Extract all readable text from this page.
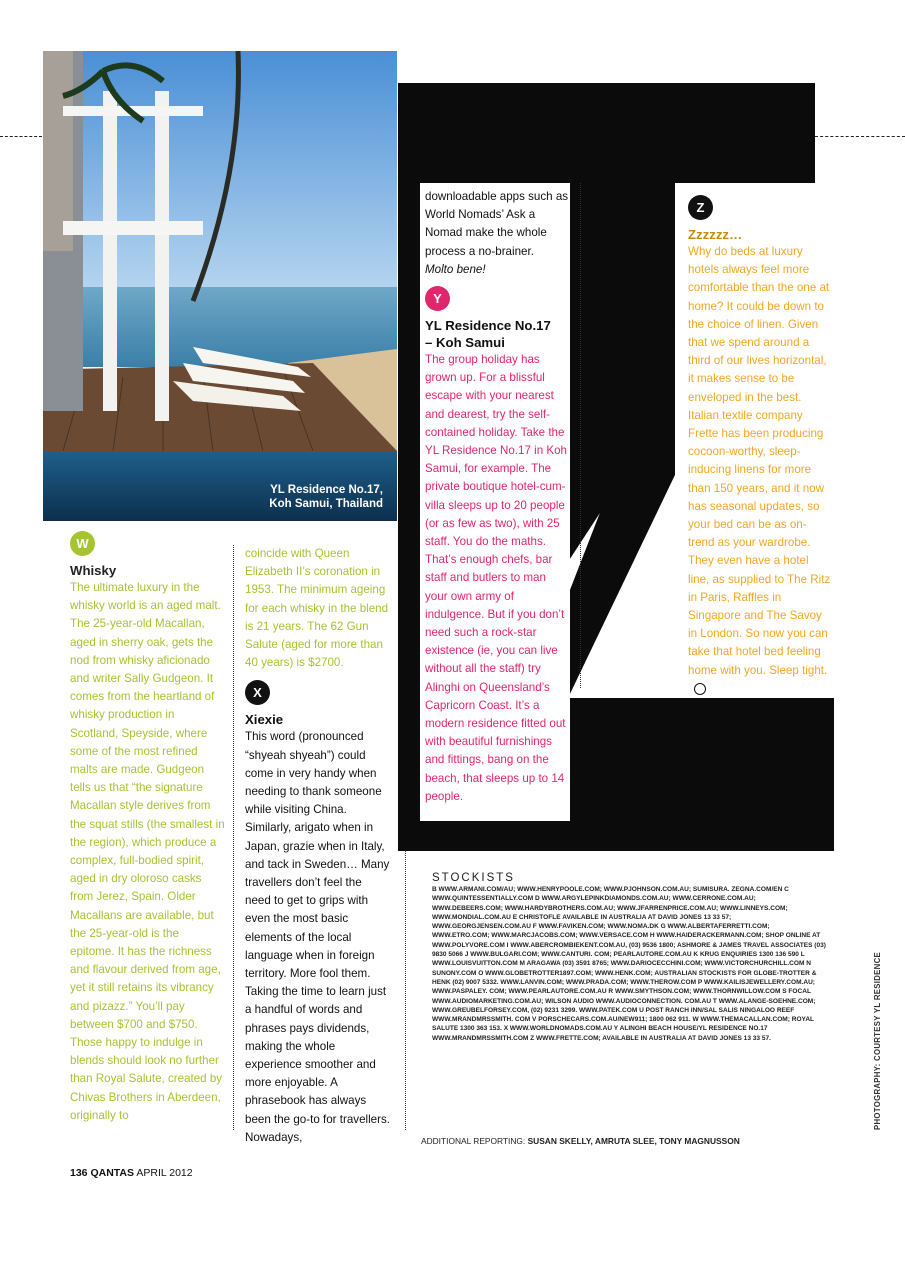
YL Residence No.17,
Koh Samui, Thailand
W
Whisky

The ultimate luxury in the whisky world is an aged malt. The 25-year-old Macallan, aged in sherry oak, gets the nod from whisky aficionado and writer Sally Gudgeon. It comes from the heartland of whisky production in Scotland, Speyside, where some of the most refined malts are made. Gudgeon tells us that “the signature Macallan style derives from the squat stills (the smallest in the region), which produce a complex, full-bodied spirit, aged in dry oloroso casks from Jerez, Spain. Older Macallans are available, but the 25-year-old is the epitome. It has the richness and flavour derived from age, yet it still retains its vibrancy and pizazz.” You’ll pay between $700 and $750. Those happy to indulge in blends should look no further than Royal Salute, created by Chivas Brothers in Aberdeen, originally to

coincide with Queen Elizabeth II’s coronation in 1953. The minimum ageing for each whisky in the blend is 21 years. The 62 Gun Salute (aged for more than 40 years) is $2700.

X
Xiexie

This word (pronounced “shyeah shyeah”) could come in very handy when needing to thank someone while visiting China. Similarly, arigato when in Japan, grazie when in Italy, and tack in Sweden… Many travellers don’t feel the need to get to grips with even the most basic elements of the local language when in foreign territory. More fool them. Taking the time to learn just a handful of words and phrases pays dividends, making the whole experience smoother and more enjoyable. A phrasebook has always been the go-to for travellers. Nowadays,

downloadable apps such as World Nomads’ Ask a Nomad make the whole process a no-brainer.

Molto bene!

Y
YL Residence No.17
– Koh Samui

The group holiday has grown up. For a blissful escape with your nearest and dearest, try the self-contained holiday. Take the YL Residence No.17 in Koh Samui, for example. The private boutique hotel-cum-villa sleeps up to 20 people (or as few as two), with 25 staff. You do the maths. That’s enough chefs, bar staff and butlers to man your own army of indulgence. But if you don’t need such a rock-star existence (ie, you can live without all the staff) try Alinghi on Queensland’s Capricorn Coast. It’s a modern residence fitted out with beautiful furnishings and fittings, bang on the beach, that sleeps up to 14 people.

Z
Zzzzzz…

Why do beds at luxury hotels always feel more comfortable than the one at home? It could be down to the choice of linen. Given that we spend around a third of our lives horizontal, it makes sense to be enveloped in the best. Italian textile company Frette has been producing cocoon-worthy, sleep-inducing linens for more than 150 years, and it now has seasonal updates, so your bed can be as on-trend as your wardrobe. They even have a hotel line, as supplied to The Ritz in Paris, Raffles in Singapore and The Savoy in London. So now you can take that hotel bed feeling home with you. Sleep tight.

STOCKISTS
B WWW.ARMANI.COM/AU; WWW.HENRYPOOLE.COM; WWW.PJOHNSON.COM.AU; SUMISURA. ZEGNA.COM/EN C WWW.QUINTESSENTIALLY.COM D WWW.ARGYLEPINKDIAMONDS.COM.AU; WWW.CERRONE.COM.AU; WWW.DEBEERS.COM; WWW.HARDYBROTHERS.COM.AU; WWW.JFARRENPRICE.COM.AU; WWW.LINNEYS.COM; WWW.MONDIAL.COM.AU E CHRISTOFLE AVAILABLE IN AUSTRALIA AT DAVID JONES 13 33 57; WWW.GEORGJENSEN.COM.AU F WWW.FAVIKEN.COM; WWW.NOMA.DK G WWW.ALBERTAFERRETTI.COM; WWW.ETRO.COM; WWW.MARCJACOBS.COM; WWW.VERSACE.COM H WWW.HAIDERACKERMANN.COM; SHOP ONLINE AT WWW.POLYVORE.COM I WWW.ABERCROMBIEKENT.COM.AU, (03) 9536 1800; ASHMORE & JAMES TRAVEL ASSOCIATES (03) 9830 5066 J WWW.BULGARI.COM; WWW.CANTURI. COM; PEARLAUTORE.COM.AU K KRUG ENQUIRIES 1300 136 590 L WWW.LOUISVUITTON.COM M ARAGAWA (03) 3591 8765; WWW.DARIOCECCHINI.COM; WWW.VICTORCHURCHILL.COM N SUNONY.COM O WWW.GLOBETROTTER1897.COM; WWW.HENK.COM; AUSTRALIAN STOCKISTS FOR GLOBE-TROTTER & HENK (02) 9007 5332. WWW.LANVIN.COM; WWW.PRADA.COM; WWW.THEROW.COM P WWW.KAILISJEWELLERY.COM.AU; WWW.PASPALEY. COM; WWW.PEARLAUTORE.COM.AU R WWW.SMYTHSON.COM; WWW.THORNWILLOW.COM S FOCAL WWW.AUDIOMARKETING.COM.AU; WILSON AUDIO WWW.AUDIOCONNECTION. COM.AU T WWW.ALANGE-SOEHNE.COM; WWW.GREUBELFORSEY.COM, (02) 9231 3299. WWW.PATEK.COM U POST RANCH INN/SAL SALIS NINGALOO REEF WWW.MRANDMRSSMITH. COM V PORSCHECARS.COM.AU/NEW911; 1800 062 911. W WWW.THEMACALLAN.COM; ROYAL SALUTE 1300 363 153. X WWW.WORLDNOMADS.COM.AU Y ALINGHI BEACH HOUSE/YL RESIDENCE NO.17 WWW.MRANDMRSSMITH.COM Z WWW.FRETTE.COM; AVAILABLE IN AUSTRALIA AT DAVID JONES 13 33 57.
ADDITIONAL REPORTING: SUSAN SKELLY, AMRUTA SLEE, TONY MAGNUSSON
136 QANTAS APRIL 2012
PHOTOGRAPHY: COURTESY YL RESIDENCE
